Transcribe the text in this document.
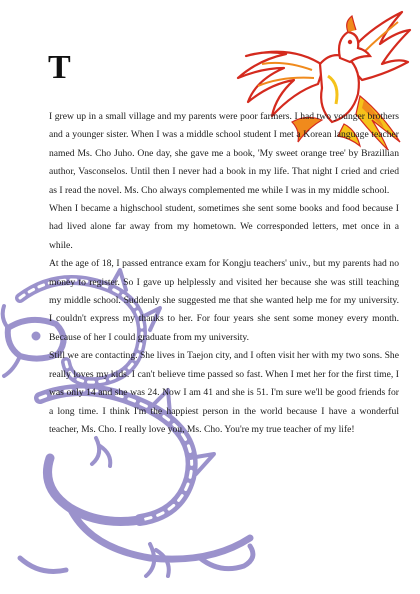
T

I grew up in a small village and my parents were poor farmers. I had two younger brothers and a younger sister. When I was a middle school student I met a Korean language teacher named Ms. Cho Juho. One day, she gave me a book, 'My sweet orange tree' by Brazillian author, Vasconselos. Until then I never had a book in my life. That night I cried and cried as I read the novel. Ms. Cho always complemented me while I was in my middle school.

When I became a highschool student, sometimes she sent some books and food because I had lived alone far away from my hometown. We corresponded letters, met once in a while.

At the age of 18, I passed entrance exam for Kongju teachers' univ., but my parents had no money to register. So I gave up helplessly and visited her because she was still teaching my middle school. Suddenly she suggested me that she wanted help me for my university. I couldn't express my thanks to her. For four years she sent some money every month. Because of her I could graduate from my university.

Still we are contacting. She lives in Taejon city, and I often visit her with my two sons. She really loves my kids. I can't believe time passed so fast. When I met her for the first time, I was only 14 and she was 24. Now I am 41 and she is 51. I'm sure we'll be good friends for a long time. I think I'm the happiest person in the world because I have a wonderful teacher, Ms. Cho. I really love you, Ms. Cho. You're my true teacher of my life!
